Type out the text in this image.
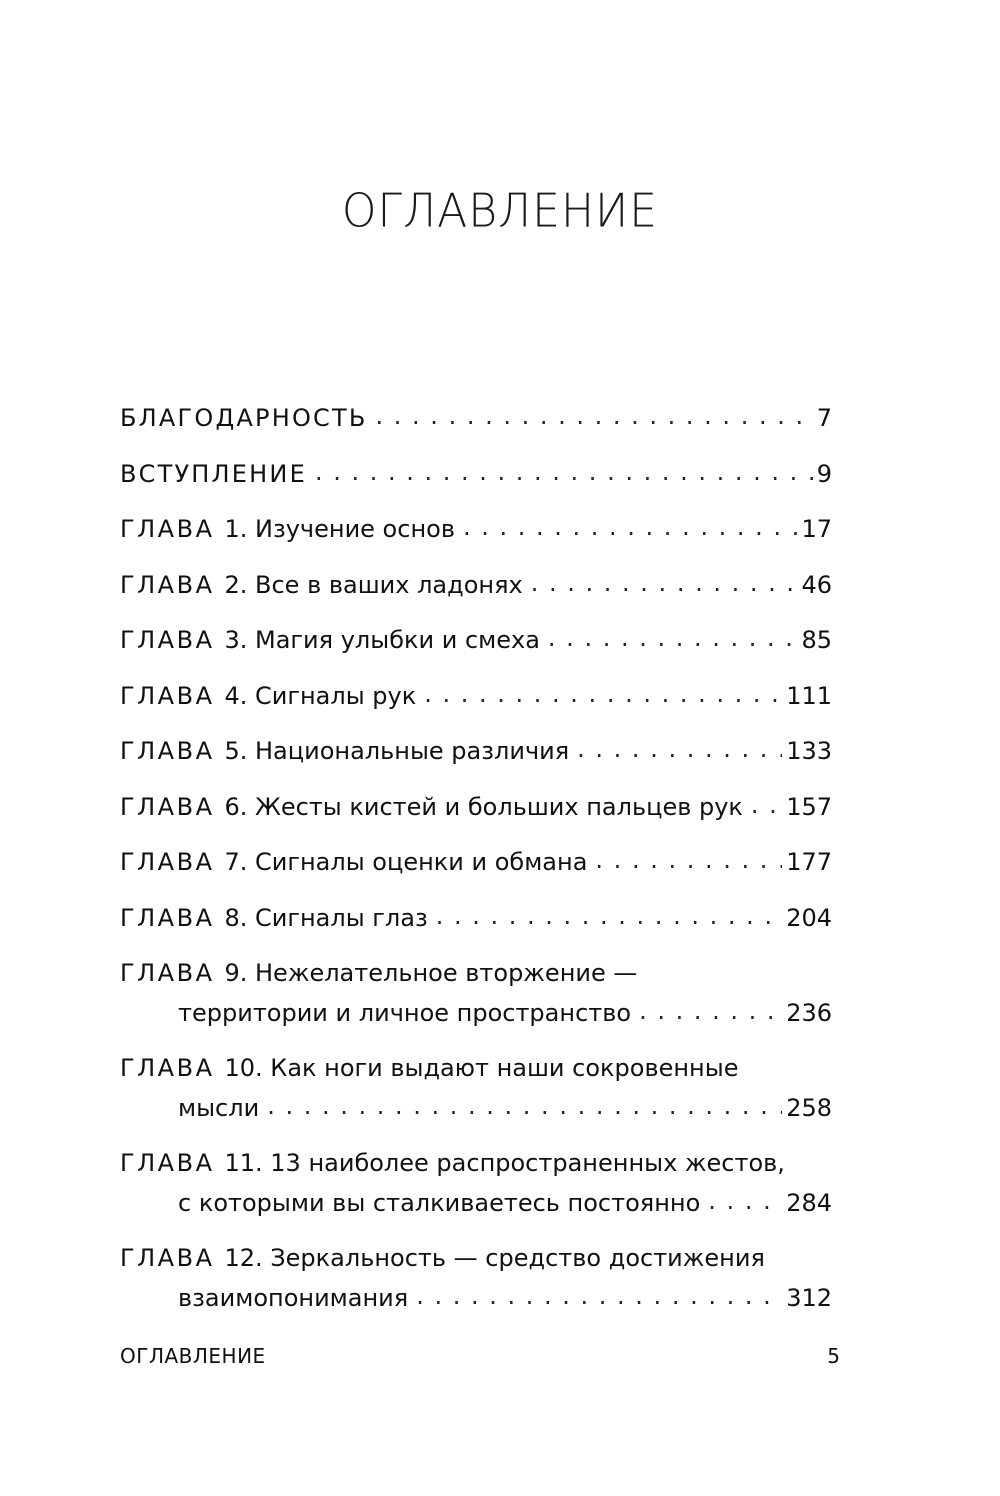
ОГЛАВЛЕНИЕ
БЛАГОДАРНОСТЬ . . .	7
ВСТУПЛЕНИЕ . . .	9
ГЛАВА 1. Изучение основ . . .	17
ГЛАВА 2. Все в ваших ладонях . . .	46
ГЛАВА 3. Магия улыбки и смеха . . .	85
ГЛАВА 4. Сигналы рук . . .	111
ГЛАВА 5. Национальные различия . . .	133
ГЛАВА 6. Жесты кистей и больших пальцев рук . . . 157
ГЛАВА 7. Сигналы оценки и обмана . . .	177
ГЛАВА 8. Сигналы глаз . . .	204
ГЛАВА 9. Нежелательное вторжение —
территории и личное пространство . . .	236
ГЛАВА 10. Как ноги выдают наши сокровенные
мысли . . .	258
ГЛАВА 11. 13 наиболее распространенных жестов,
с которыми вы сталкиваетесь постоянно . . .	284
ГЛАВА 12. Зеркальность — средство достижения
взаимопонимания . . .	312
ОГЛАВЛЕНИЕ	5
